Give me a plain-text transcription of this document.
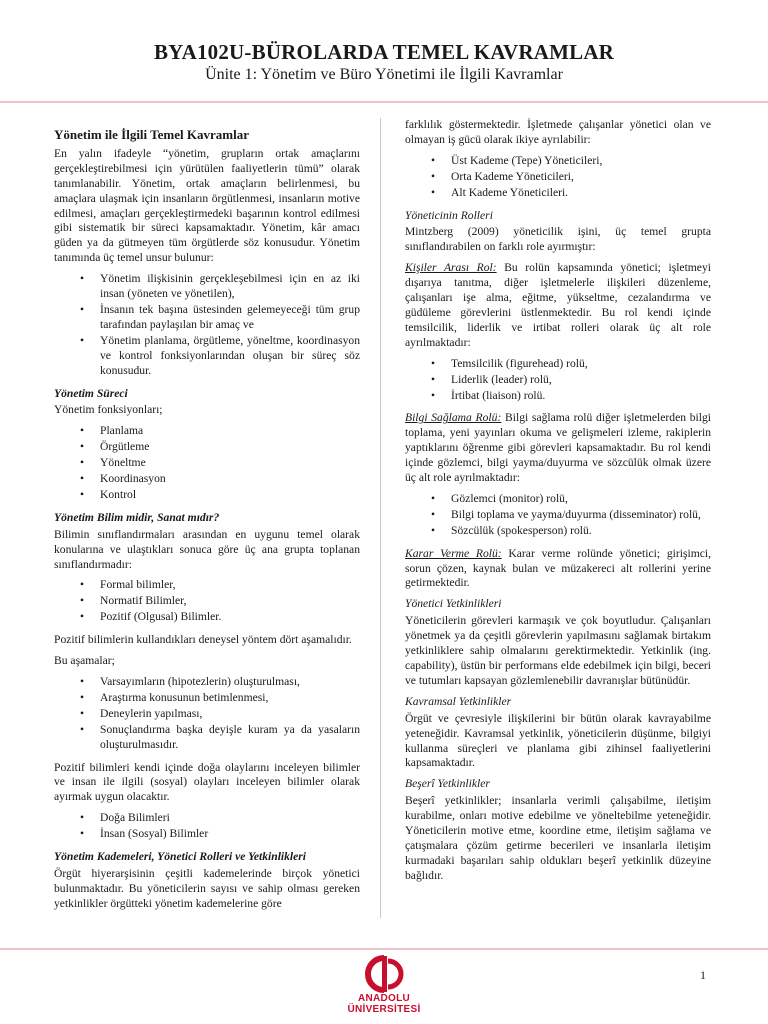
BYA102U-BÜROLARDA TEMEL KAVRAMLAR
Ünite 1: Yönetim ve Büro Yönetimi ile İlgili Kavramlar
Yönetim ile İlgili Temel Kavramlar

En yalın ifadeyle “yönetim, grupların ortak amaçlarını gerçekleştirebilmesi için yürütülen faaliyetlerin tümü” olarak tanımlanabilir. Yönetim, ortak amaçların belirlenmesi, bu amaçlara ulaşmak için insanların örgütlenmesi, insanların motive edilmesi, amaçları gerçekleştirmedeki başarının kontrol edilmesi gibi sistematik bir süreci kapsamaktadır. Yönetim, kâr amacı güden ya da gütmeyen tüm örgütlerde söz konusudur. Yönetim tanımında üç temel unsur bulunur:

• Yönetim ilişkisinin gerçekleşebilmesi için en az iki insan (yöneten ve yönetilen),
• İnsanın tek başına üstesinden gelemeyeceği tüm grup tarafından paylaşılan bir amaç ve
• Yönetim planlama, örgütleme, yöneltme, koordinasyon ve kontrol fonksiyonlarından oluşan bir süreç söz konusudur.
Yönetim Süreci

Yönetim fonksiyonları;

• Planlama
• Örgütleme
• Yöneltme
• Koordinasyon
• Kontrol
Yönetim Bilim midir, Sanat mıdır?

Bilimin sınıflandırmaları arasından en uygunu temel olarak konularına ve ulaştıkları sonuca göre üç ana grupta toplanan sınıflandırmadır:

• Formal bilimler,
• Normatif Bilimler,
• Pozitif (Olgusal) Bilimler.

Pozitif bilimlerin kullandıkları deneysel yöntem dört aşamalıdır.

Bu aşamalar;

• Varsayımların (hipotezlerin) oluşturulması,
• Araştırma konusunun betimlenmesi,
• Deneylerin yapılması,
• Sonuçlandırma başka deyişle kuram ya da yasaların oluşturulmasıdır.

Pozitif bilimleri kendi içinde doğa olaylarını inceleyen bilimler ve insan ile ilgili (sosyal) olayları inceleyen bilimler olarak ayırmak uygun olacaktır.

• Doğa Bilimleri
• İnsan (Sosyal) Bilimler
Yönetim Kademeleri, Yönetici Rolleri ve Yetkinlikleri

Örgüt hiyerarşisinin çeşitli kademelerinde birçok yönetici bulunmaktadır. Bu yöneticilerin sayısı ve sahip olması gereken yetkinlikler örgütteki yönetim kademelerine göre

farklılık göstermektedir. İşletmede çalışanlar yönetici olan ve olmayan iş gücü olarak ikiye ayrılabilir:

• Üst Kademe (Tepe) Yöneticileri,
• Orta Kademe Yöneticileri,
• Alt Kademe Yöneticileri.
Yöneticinin Rolleri

Mintzberg (2009) yöneticilik işini, üç temel grupta sınıflandırabilen on farklı role ayırmıştır:

Kişiler Arası Rol: Bu rolün kapsamında yönetici; işletmeyi dışarıya tanıtma, diğer işletmelerle ilişkileri düzenleme, çalışanları işe alma, eğitme, yükseltme, cezalandırma ve güdüleme görevlerini üstlenmektedir. Bu rol kendi içinde temsilcilik, liderlik ve irtibat rolleri olarak üç alt role ayrılmaktadır:

• Temsilcilik (figurehead) rolü,
• Liderlik (leader) rolü,
• İrtibat (liaison) rolü.

Bilgi Sağlama Rolü: Bilgi sağlama rolü diğer işletmelerden bilgi toplama, yeni yayınları okuma ve gelişmeleri izleme, rakiplerin yaptıklarını öğrenme gibi görevleri kapsamaktadır. Bu rol kendi içinde gözlemci, bilgi yayma/duyurma ve sözcülük olmak üzere üç alt role ayrılmaktadır:

• Gözlemci (monitor) rolü,
• Bilgi toplama ve yayma/duyurma (disseminator) rolü,
• Sözcülük (spokesperson) rolü.

Karar Verme Rolü: Karar verme rolünde yönetici; girişimci, sorun çözen, kaynak bulan ve müzakereci alt rollerini yerine getirmektedir.

Yönetici Yetkinlikleri

Yöneticilerin görevleri karmaşık ve çok boyutludur. Çalışanları yönetmek ya da çeşitli görevlerin yapılmasını sağlamak birtakım yetkinliklere sahip olmalarını gerektirmektedir. Yetkinlik (ing. capability), üstün bir performans elde edebilmek için bilgi, beceri ve tutumları kapsayan gözlemlenebilir davranışlar bütünüdür.

Kavramsal Yetkinlikler

Örgüt ve çevresiyle ilişkilerini bir bütün olarak kavrayabilme yeteneğidir. Kavramsal yetkinlik, yöneticilerin düşünme, bilgiyi kullanma süreçleri ve planlama gibi zihinsel faaliyetlerini kapsamaktadır.

Beşerî Yetkinlikler

Beşerî yetkinlikler; insanlarla verimli çalışabilme, iletişim kurabilme, onları motive edebilme ve yöneltebilme yeteneğidir. Yöneticilerin motive etme, koordine etme, iletişim sağlama ve çatışmalara çözüm getirme becerileri ve insanlarla iletişim kurmadaki başarıları sahip oldukları beşerî yetkinlik düzeyine bağlıdır.

1
ANADOLU ÜNİVERSİTESİ
